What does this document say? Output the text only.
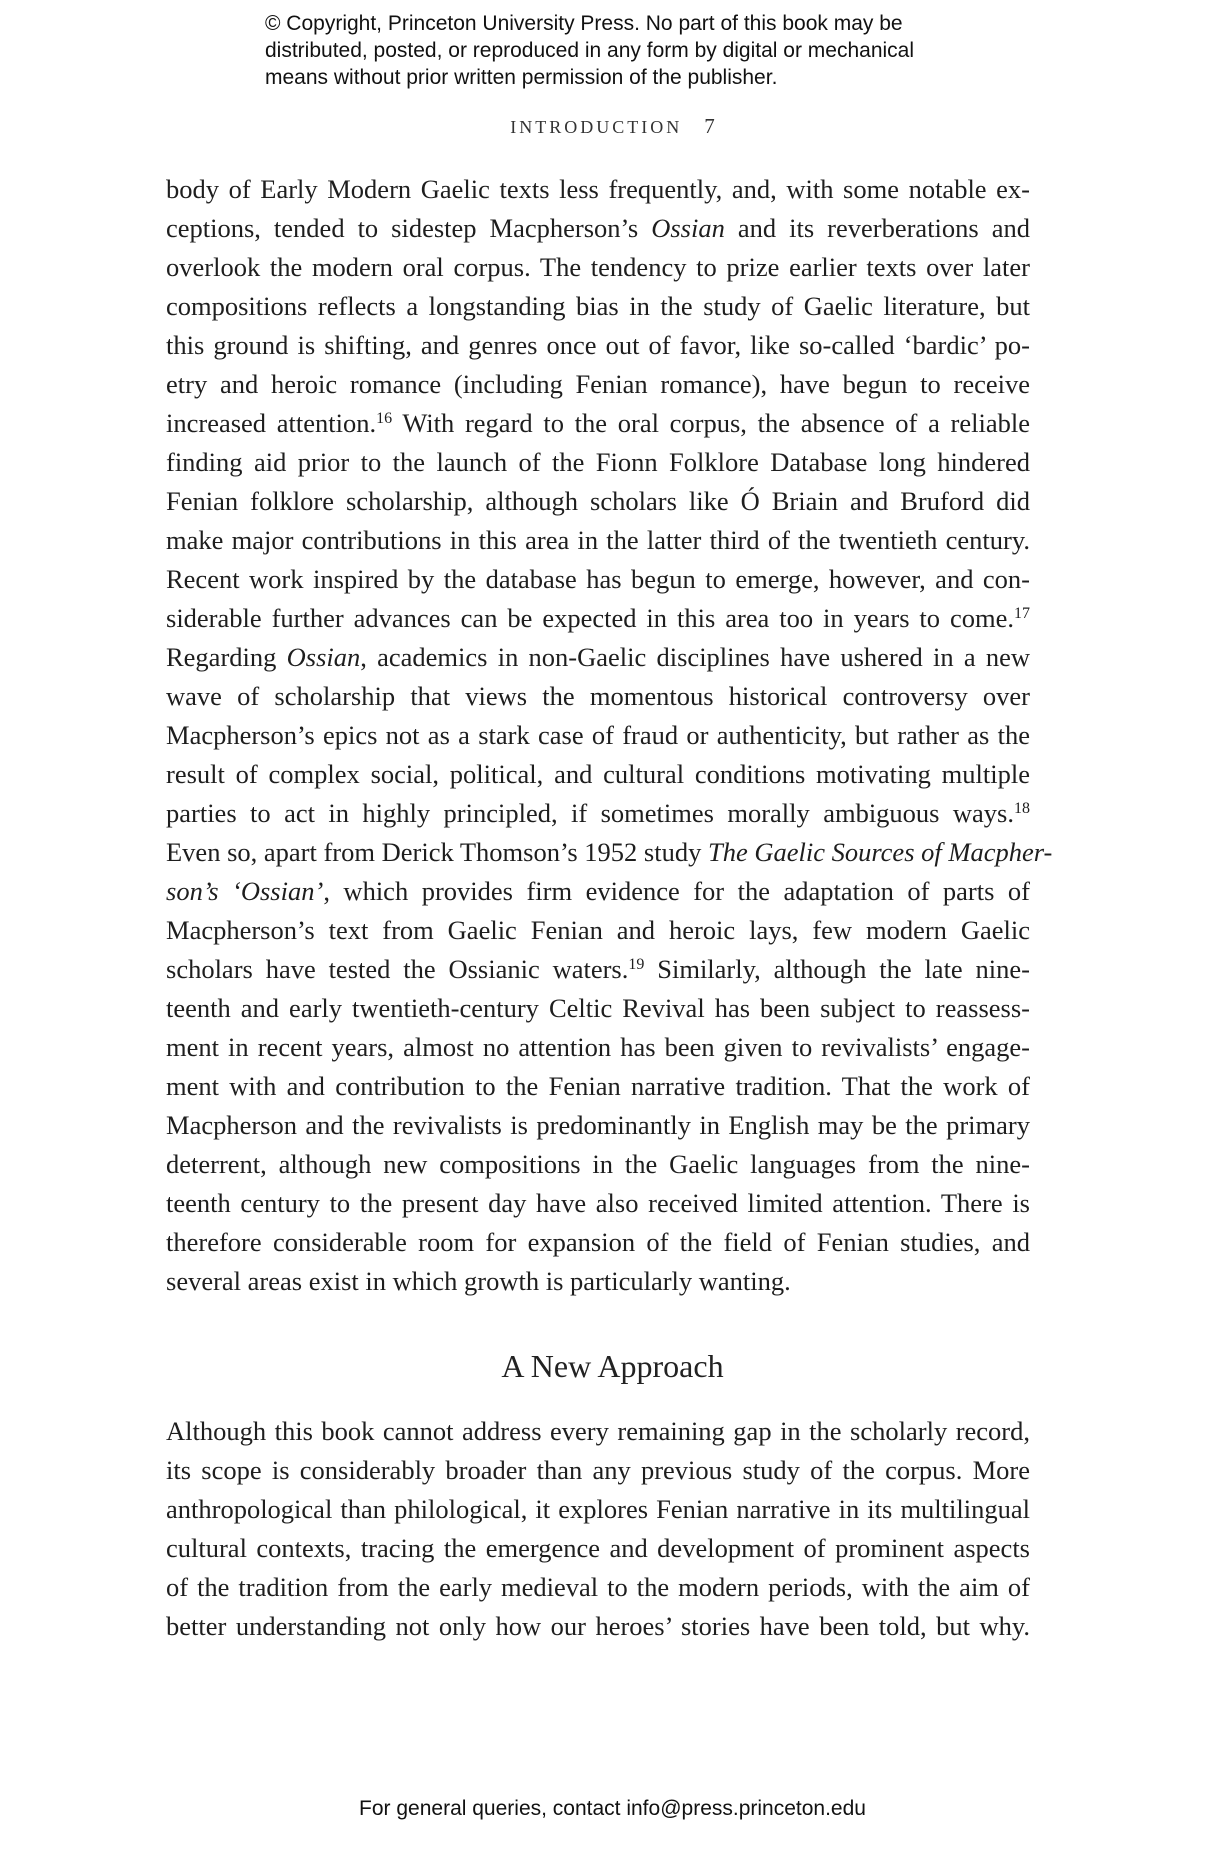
© Copyright, Princeton University Press. No part of this book may be
distributed, posted, or reproduced in any form by digital or mechanical
means without prior written permission of the publisher.
INTRODUCTION 7
body of Early Modern Gaelic texts less frequently, and, with some notable ex-
ceptions, tended to sidestep Macpherson’s Ossian and its reverberations and
overlook the modern oral corpus. The tendency to prize earlier texts over later
compositions reflects a longstanding bias in the study of Gaelic literature, but
this ground is shifting, and genres once out of favor, like so-called ‘bardic’ po-
etry and heroic romance (including Fenian romance), have begun to receive
increased attention.$^{16}$ With regard to the oral corpus, the absence of a reliable
finding aid prior to the launch of the Fionn Folklore Database long hindered
Fenian folklore scholarship, although scholars like Ó Briain and Bruford did
make major contributions in this area in the latter third of the twentieth century.
Recent work inspired by the database has begun to emerge, however, and con-
siderable further advances can be expected in this area too in years to come.$^{17}$
Regarding Ossian, academics in non-Gaelic disciplines have ushered in a new
wave of scholarship that views the momentous historical controversy over
Macpherson’s epics not as a stark case of fraud or authenticity, but rather as the
result of complex social, political, and cultural conditions motivating multiple
parties to act in highly principled, if sometimes morally ambiguous ways.$^{18}$
Even so, apart from Derick Thomson’s 1952 study The Gaelic Sources of Macpher-
son’s ‘Ossian’, which provides firm evidence for the adaptation of parts of
Macpherson’s text from Gaelic Fenian and heroic lays, few modern Gaelic
scholars have tested the Ossianic waters.$^{19}$ Similarly, although the late nine-
teenth and early twentieth-century Celtic Revival has been subject to reassess-
ment in recent years, almost no attention has been given to revivalists’ engage-
ment with and contribution to the Fenian narrative tradition. That the work of
Macpherson and the revivalists is predominantly in English may be the primary
deterrent, although new compositions in the Gaelic languages from the nine-
teenth century to the present day have also received limited attention. There is
therefore considerable room for expansion of the field of Fenian studies, and
several areas exist in which growth is particularly wanting.
A New Approach
Although this book cannot address every remaining gap in the scholarly record,
its scope is considerably broader than any previous study of the corpus. More
anthropological than philological, it explores Fenian narrative in its multilingual
cultural contexts, tracing the emergence and development of prominent aspects
of the tradition from the early medieval to the modern periods, with the aim of
better understanding not only how our heroes’ stories have been told, but why.
For general queries, contact info@press.princeton.edu
